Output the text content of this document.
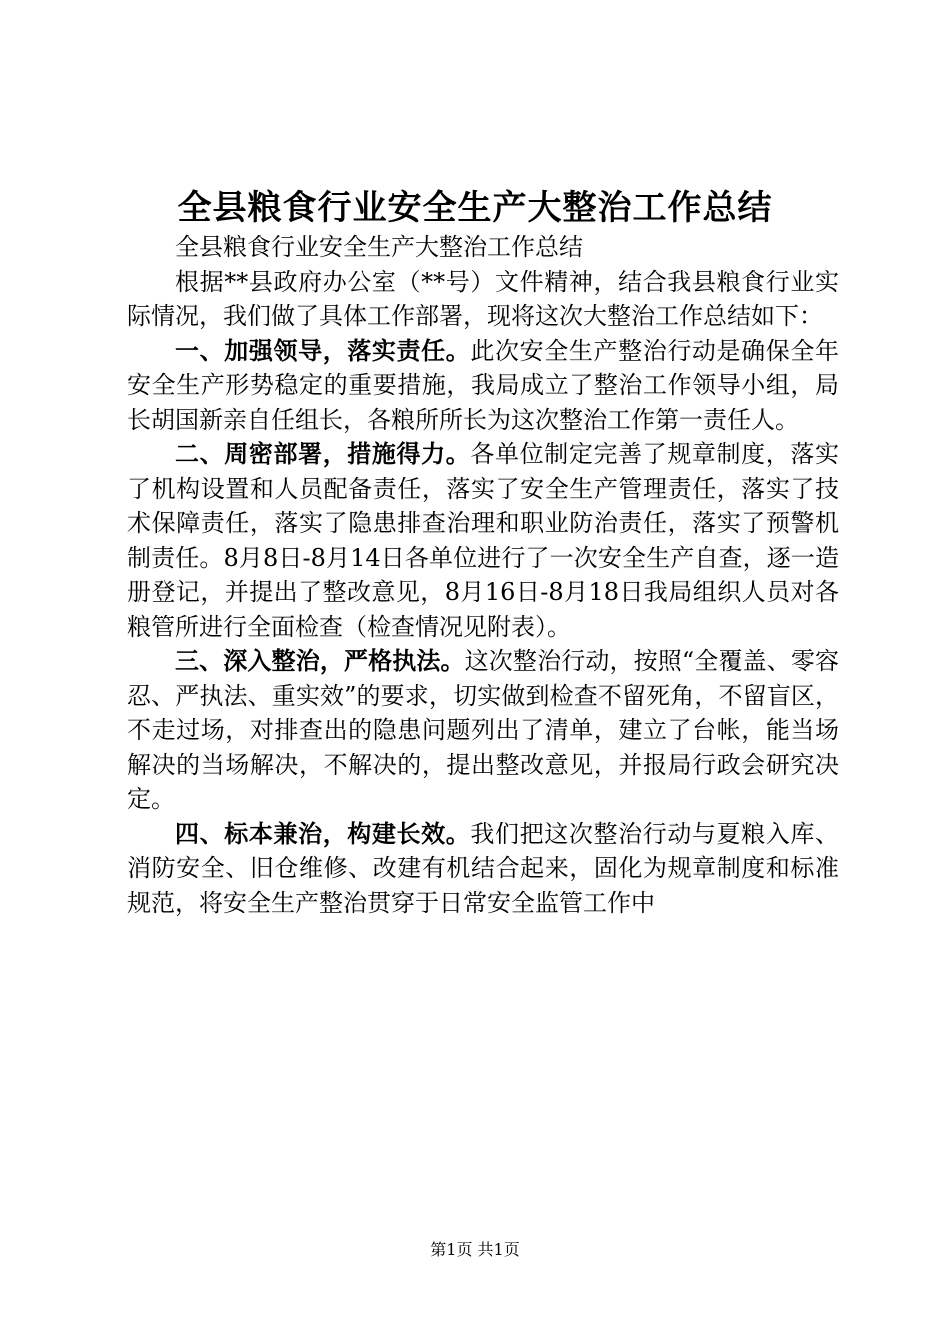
全县粮食行业安全生产大整治工作总结

全县粮食行业安全生产大整治工作总结

根据**县政府办公室（**号）文件精神，结合我县粮食行业实际情况，我们做了具体工作部署，现将这次大整治工作总结如下：

一、加强领导，落实责任。此次安全生产整治行动是确保全年安全生产形势稳定的重要措施，我局成立了整治工作领导小组，局长胡国新亲自任组长，各粮所所长为这次整治工作第一责任人。

二、周密部署，措施得力。各单位制定完善了规章制度，落实了机构设置和人员配备责任，落实了安全生产管理责任，落实了技术保障责任，落实了隐患排查治理和职业防治责任，落实了预警机制责任。8月8日-8月14日各单位进行了一次安全生产自查，逐一造册登记，并提出了整改意见，8月16日-8月18日我局组织人员对各粮管所进行全面检查（检查情况见附表）。

三、深入整治，严格执法。这次整治行动，按照“全覆盖、零容忍、严执法、重实效”的要求，切实做到检查不留死角，不留盲区，不走过场，对排查出的隐患问题列出了清单，建立了台帐，能当场解决的当场解决，不解决的，提出整改意见，并报局行政会研究决定。

四、标本兼治，构建长效。我们把这次整治行动与夏粮入库、消防安全、旧仓维修、改建有机结合起来，固化为规章制度和标准规范，将安全生产整治贯穿于日常安全监管工作中

第1页 共1页
